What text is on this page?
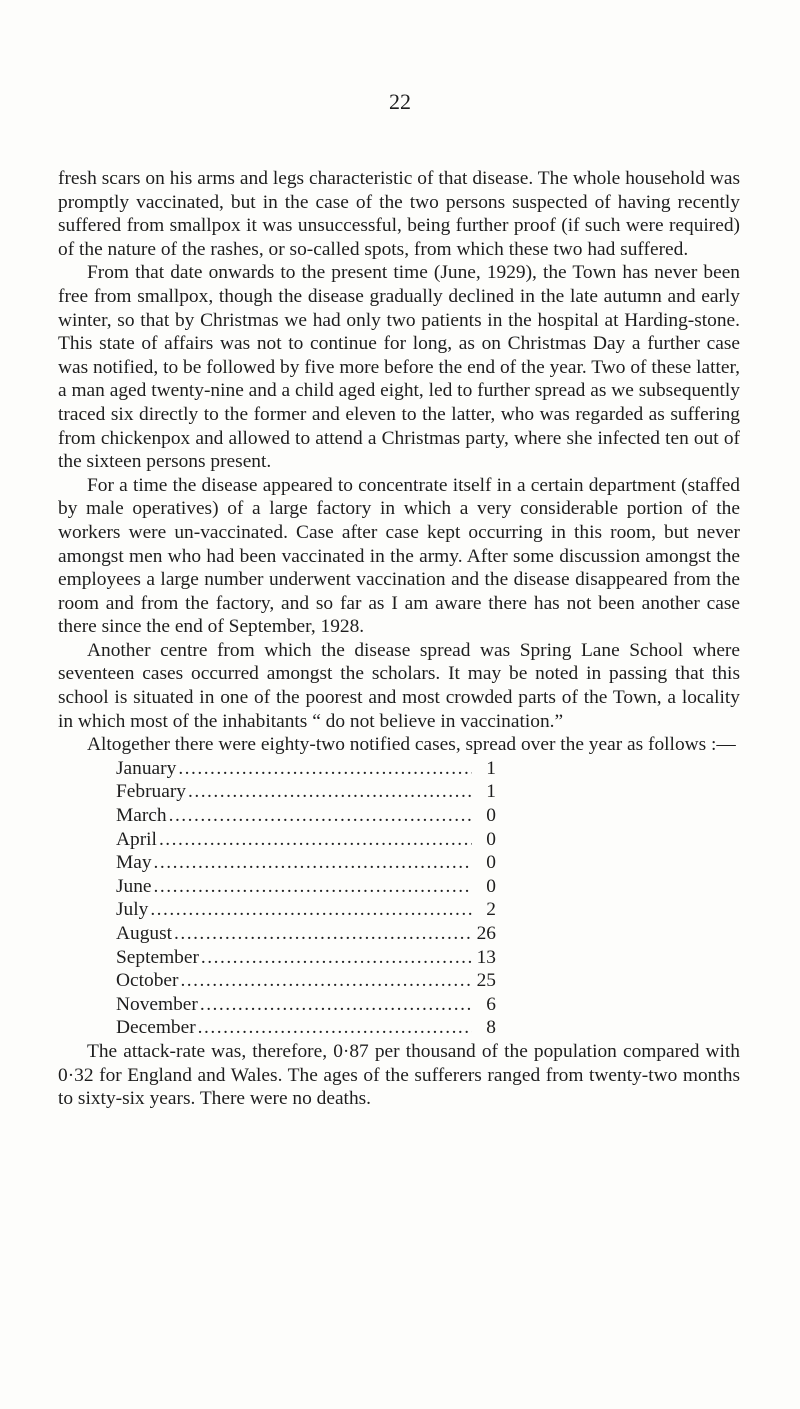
22

fresh scars on his arms and legs characteristic of that disease. The whole household was promptly vaccinated, but in the case of the two persons suspected of having recently suffered from smallpox it was unsuccessful, being further proof (if such were required) of the nature of the rashes, or so-called spots, from which these two had suffered.

From that date onwards to the present time (June, 1929), the Town has never been free from smallpox, though the disease gradually declined in the late autumn and early winter, so that by Christmas we had only two patients in the hospital at Harding-stone. This state of affairs was not to continue for long, as on Christmas Day a further case was notified, to be followed by five more before the end of the year. Two of these latter, a man aged twenty-nine and a child aged eight, led to further spread as we subsequently traced six directly to the former and eleven to the latter, who was regarded as suffering from chickenpox and allowed to attend a Christmas party, where she infected ten out of the sixteen persons present.

For a time the disease appeared to concentrate itself in a certain department (staffed by male operatives) of a large factory in which a very considerable portion of the workers were un-vaccinated. Case after case kept occurring in this room, but never amongst men who had been vaccinated in the army. After some discussion amongst the employees a large number underwent vaccination and the disease disappeared from the room and from the factory, and so far as I am aware there has not been another case there since the end of September, 1928.

Another centre from which the disease spread was Spring Lane School where seventeen cases occurred amongst the scholars. It may be noted in passing that this school is situated in one of the poorest and most crowded parts of the Town, a locality in which most of the inhabitants “ do not believe in vaccination.”

Altogether there were eighty-two notified cases, spread over the year as follows :—

January .....	1
February .....	1
March .....	0
April .....	0
May .....	0
June .....	0
July .....	2
August .....	26
September .....	13
October .....	25
November .....	6
December .....	8

The attack-rate was, therefore, 0·87 per thousand of the population compared with 0·32 for England and Wales. The ages of the sufferers ranged from twenty-two months to sixty-six years. There were no deaths.
